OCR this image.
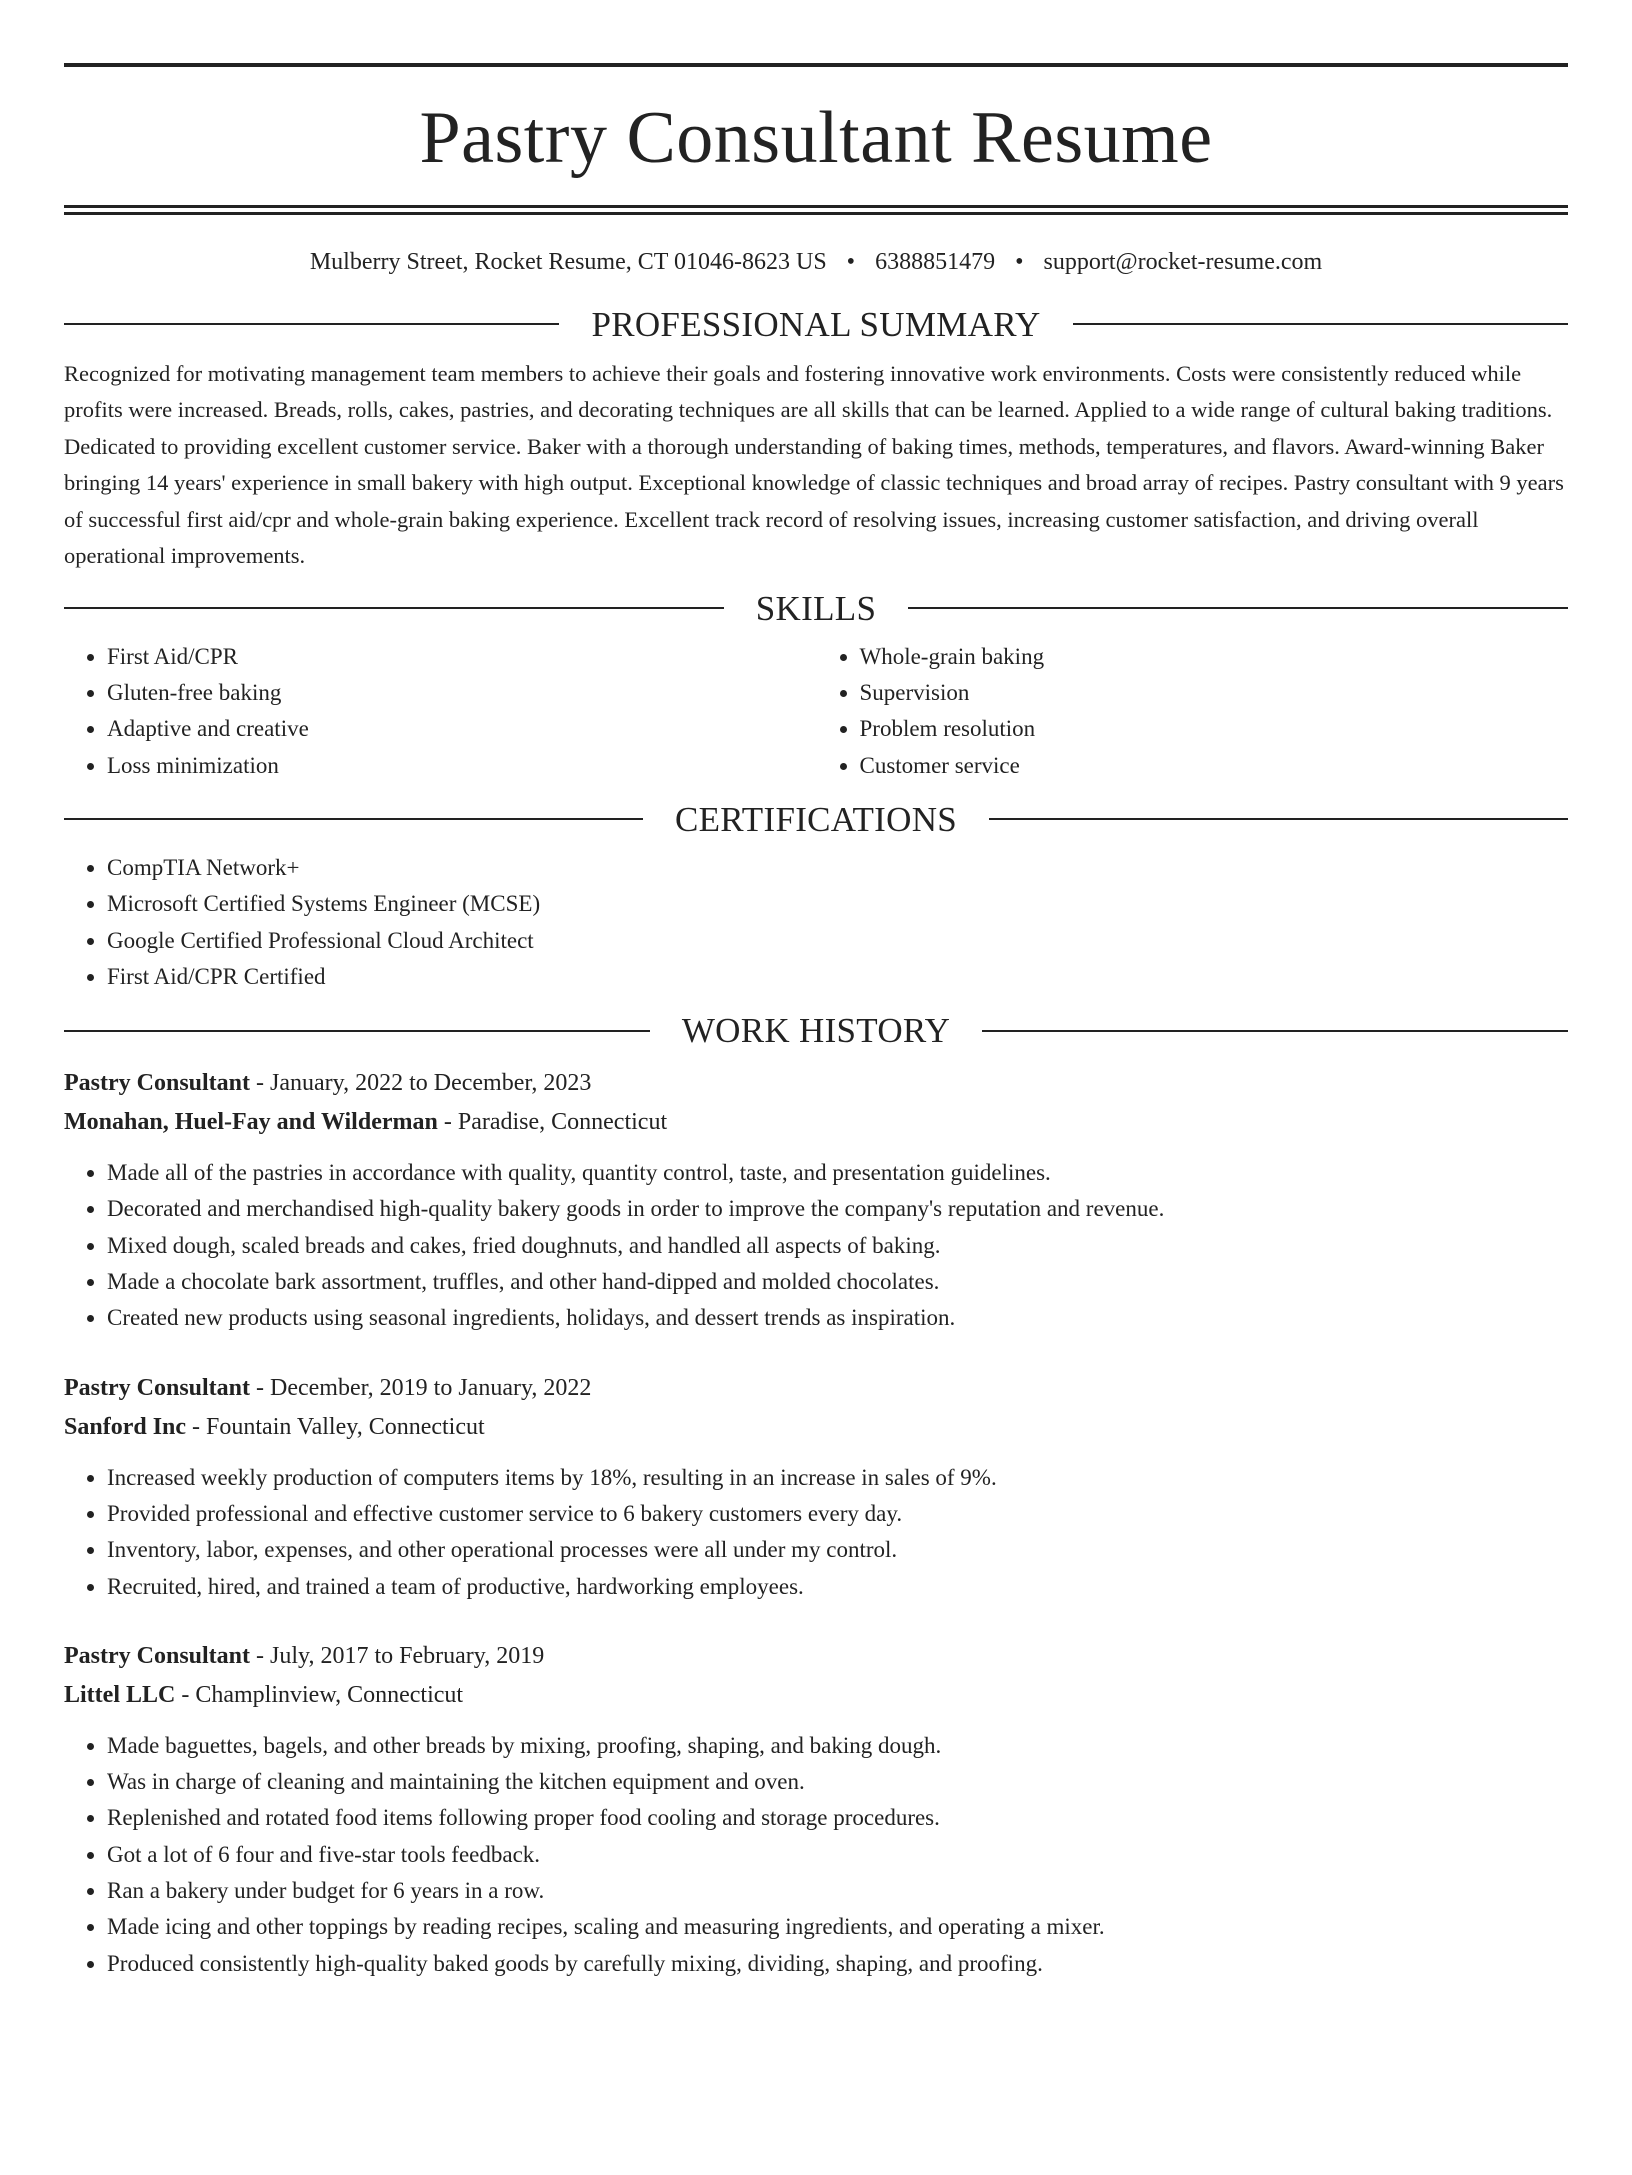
Pastry Consultant Resume
Mulberry Street, Rocket Resume, CT 01046-8623 US • 6388851479 • support@rocket-resume.com
PROFESSIONAL SUMMARY

Recognized for motivating management team members to achieve their goals and fostering innovative work environments. Costs were consistently reduced while profits were increased. Breads, rolls, cakes, pastries, and decorating techniques are all skills that can be learned. Applied to a wide range of cultural baking traditions. Dedicated to providing excellent customer service. Baker with a thorough understanding of baking times, methods, temperatures, and flavors. Award-winning Baker bringing 14 years' experience in small bakery with high output. Exceptional knowledge of classic techniques and broad array of recipes. Pastry consultant with 9 years of successful first aid/cpr and whole-grain baking experience. Excellent track record of resolving issues, increasing customer satisfaction, and driving overall operational improvements.

SKILLS
• First Aid/CPR
• Gluten-free baking
• Adaptive and creative
• Loss minimization
• Whole-grain baking
• Supervision
• Problem resolution
• Customer service
CERTIFICATIONS
• CompTIA Network+
• Microsoft Certified Systems Engineer (MCSE)
• Google Certified Professional Cloud Architect
• First Aid/CPR Certified
WORK HISTORY
Pastry Consultant - January, 2022 to December, 2023
Monahan, Huel-Fay and Wilderman - Paradise, Connecticut
• Made all of the pastries in accordance with quality, quantity control, taste, and presentation guidelines.
• Decorated and merchandised high-quality bakery goods in order to improve the company's reputation and revenue.
• Mixed dough, scaled breads and cakes, fried doughnuts, and handled all aspects of baking.
• Made a chocolate bark assortment, truffles, and other hand-dipped and molded chocolates.
• Created new products using seasonal ingredients, holidays, and dessert trends as inspiration.
Pastry Consultant - December, 2019 to January, 2022
Sanford Inc - Fountain Valley, Connecticut
• Increased weekly production of computers items by 18%, resulting in an increase in sales of 9%.
• Provided professional and effective customer service to 6 bakery customers every day.
• Inventory, labor, expenses, and other operational processes were all under my control.
• Recruited, hired, and trained a team of productive, hardworking employees.
Pastry Consultant - July, 2017 to February, 2019
Littel LLC - Champlinview, Connecticut
• Made baguettes, bagels, and other breads by mixing, proofing, shaping, and baking dough.
• Was in charge of cleaning and maintaining the kitchen equipment and oven.
• Replenished and rotated food items following proper food cooling and storage procedures.
• Got a lot of 6 four and five-star tools feedback.
• Ran a bakery under budget for 6 years in a row.
• Made icing and other toppings by reading recipes, scaling and measuring ingredients, and operating a mixer.
• Produced consistently high-quality baked goods by carefully mixing, dividing, shaping, and proofing.
